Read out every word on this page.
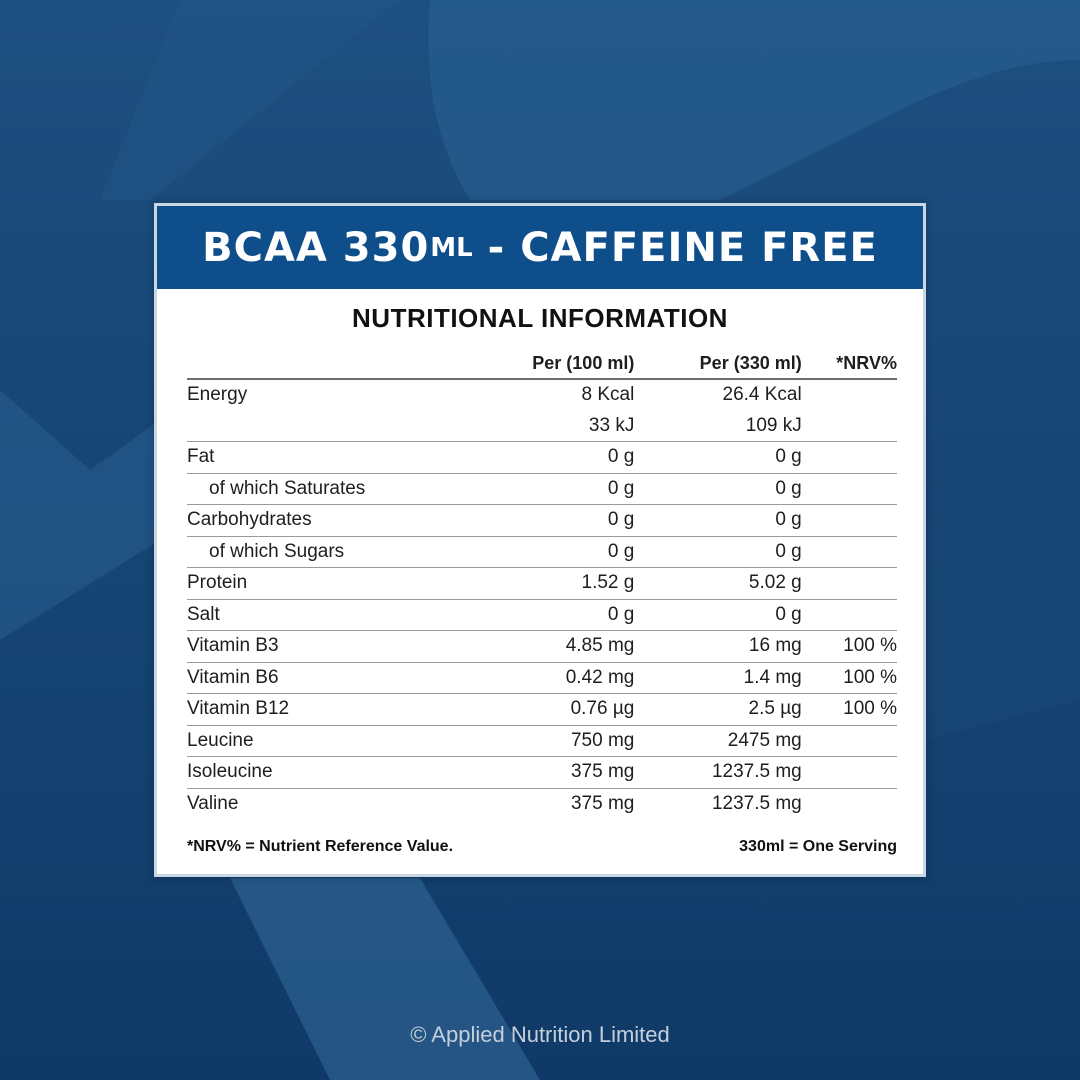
BCAA 330 ML - CAFFEINE FREE
NUTRITIONAL INFORMATION
	Per (100 ml)	Per (330 ml)	*NRV%
Energy	8 Kcal	26.4 Kcal	
	33 kJ	109 kJ	
Fat	0 g	0 g	
of which Saturates	0 g	0 g	
Carbohydrates	0 g	0 g	
of which Sugars	0 g	0 g	
Protein	1.52 g	5.02 g	
Salt	0 g	0 g	
Vitamin B3	4.85 mg	16 mg	100 %
Vitamin B6	0.42 mg	1.4 mg	100 %
Vitamin B12	0.76 µg	2.5 µg	100 %
Leucine	750 mg	2475 mg	
Isoleucine	375 mg	1237.5 mg	
Valine	375 mg	1237.5 mg	
*NRV% = Nutrient Reference Value.	330ml = One Serving
© Applied Nutrition Limited
